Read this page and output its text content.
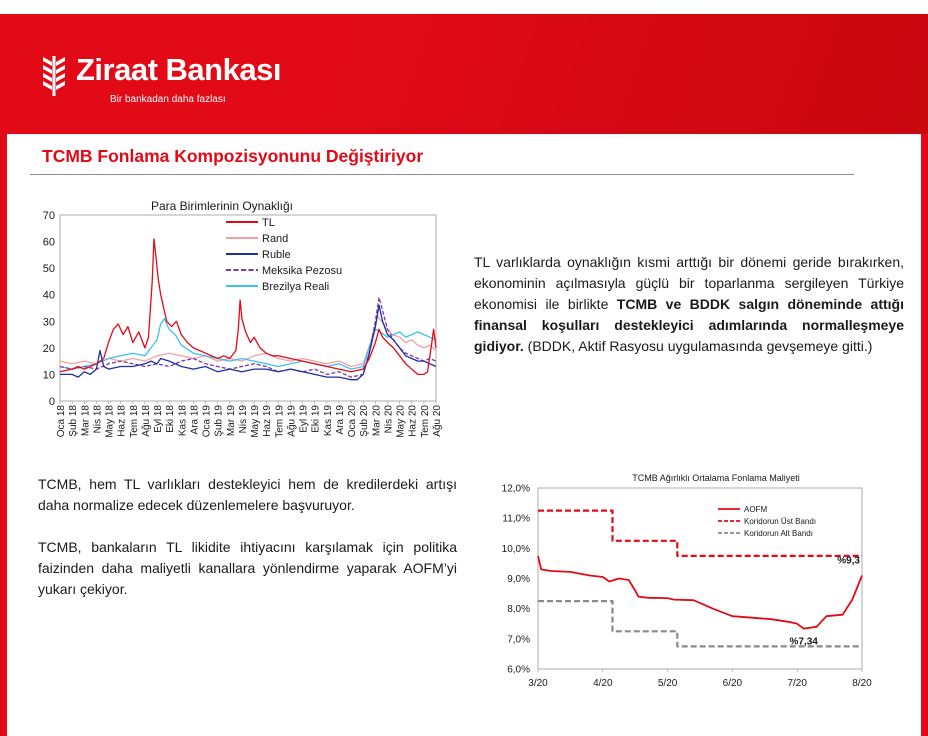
Ziraat Bankası
Bir bankadan daha fazlası
TCMB Fonlama Kompozisyonunu Değiştiriyor
Para Birimlerinin Oynaklığı
0
10
20
30
40
50
60
70
Oca 18 Şub 18 Mar 18 Nis 18 May 18 Haz 18 Tem 18 Ağu 18 Eyl 18 Eki 18 Kas 18 Ara 18 Oca 19 Şub 19 Mar 19 Nis 19 May 19 Haz 19 Tem 19 Ağu 19 Eyl 19 Eki 19 Kas 19 Ara 19 Oca 20 Şub 20 Mar 20 Nis 20 May 20 Haz 20 Tem 20 Ağu 20
TL
Rand
Ruble
Meksika Pezosu
Brezilya Reali
TL varlıklarda oynaklığın kısmi arttığı bir dönemi geride bırakırken, ekonominin açılmasıyla güçlü bir toparlanma sergileyen Türkiye ekonomisi ile birlikte TCMB ve BDDK salgın döneminde attığı finansal koşulları destekleyici adımlarında normalleşmeye gidiyor. (BDDK, Aktif Rasyosu uygulamasında gevşemeye gitti.)
TCMB, hem TL varlıkları destekleyici hem de kredilerdeki artışı daha normalize edecek düzenlemelere başvuruyor.
TCMB, bankaların TL likidite ihtiyacını karşılamak için politika faizinden daha maliyetli kanallara yönlendirme yaparak AOFM’yi yukarı çekiyor.
TCMB Ağırlıklı Ortalama Fonlama Maliyeti
6,0%
7,0%
8,0%
9,0%
10,0%
11,0%
12,0%
3/20	4/20	5/20	6/20	7/20	8/20
AOFM
Koridorun Üst Bandı
Koridorun Alt Bandı
%9,3
%7,34
